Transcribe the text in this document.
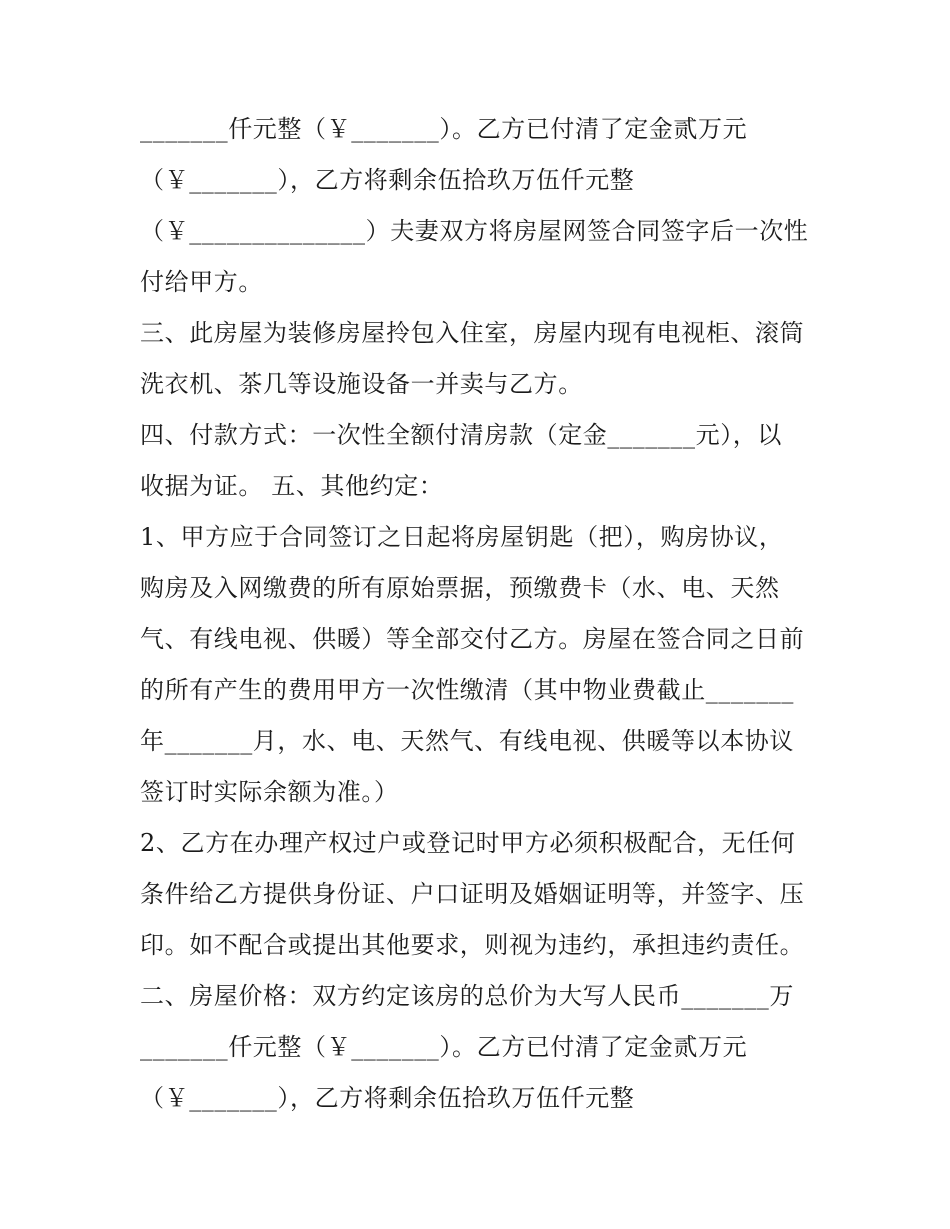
_______仟元整（￥_______）。乙方已付清了定金贰万元
（￥_______），乙方将剩余伍拾玖万伍仟元整
（￥______________）夫妻双方将房屋网签合同签字后一次性
付给甲方。
三、此房屋为装修房屋拎包入住室，房屋内现有电视柜、滚筒
洗衣机、茶几等设施设备一并卖与乙方。
四、付款方式：一次性全额付清房款（定金_______元），以
收据为证。 五、其他约定：
1、甲方应于合同签订之日起将房屋钥匙（把），购房协议，
购房及入网缴费的所有原始票据，预缴费卡（水、电、天然
气、有线电视、供暖）等全部交付乙方。房屋在签合同之日前
的所有产生的费用甲方一次性缴清（其中物业费截止_______
年_______月，水、电、天然气、有线电视、供暖等以本协议
签订时实际余额为准。）
2、乙方在办理产权过户或登记时甲方必须积极配合，无任何
条件给乙方提供身份证、户口证明及婚姻证明等，并签字、压
印。如不配合或提出其他要求，则视为违约，承担违约责任。
二、房屋价格：双方约定该房的总价为大写人民币_______万
_______仟元整（￥_______）。乙方已付清了定金贰万元
（￥_______），乙方将剩余伍拾玖万伍仟元整
